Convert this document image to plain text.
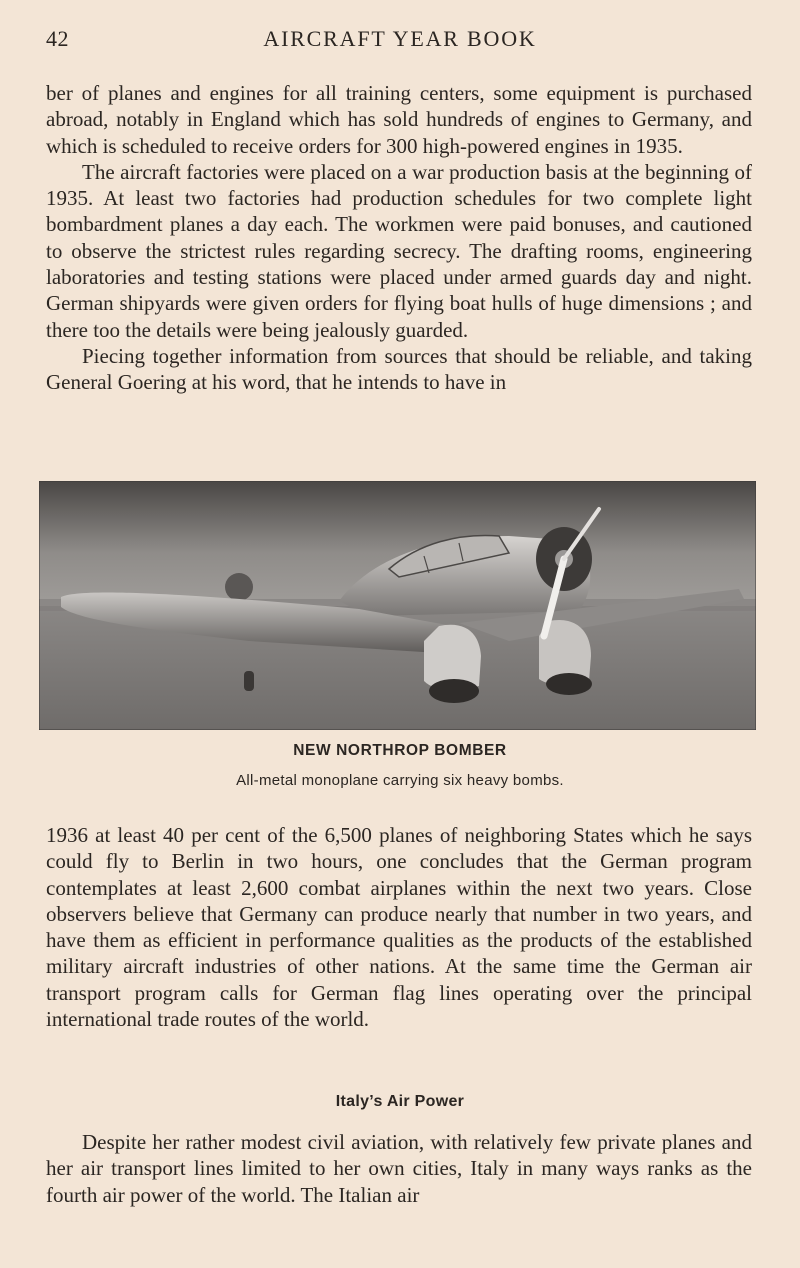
42	AIRCRAFT YEAR BOOK

ber of planes and engines for all training centers, some equipment is purchased abroad, notably in England which has sold hundreds of engines to Germany, and which is scheduled to receive orders for 300 high-powered engines in 1935.

The aircraft factories were placed on a war production basis at the beginning of 1935. At least two factories had production schedules for two complete light bombardment planes a day each. The workmen were paid bonuses, and cautioned to observe the strictest rules regarding secrecy. The drafting rooms, engineering laboratories and testing stations were placed under armed guards day and night. German shipyards were given orders for flying boat hulls of huge dimensions ; and there too the details were being jealously guarded.

Piecing together information from sources that should be reliable, and taking General Goering at his word, that he intends to have in

NEW NORTHROP BOMBER
All-metal monoplane carrying six heavy bombs.

1936 at least 40 per cent of the 6,500 planes of neighboring States which he says could fly to Berlin in two hours, one concludes that the German program contemplates at least 2,600 combat airplanes within the next two years. Close observers believe that Germany can produce nearly that number in two years, and have them as efficient in performance qualities as the products of the established military aircraft industries of other nations. At the same time the German air transport program calls for German flag lines operating over the principal international trade routes of the world.

Italy’s Air Power

Despite her rather modest civil aviation, with relatively few private planes and her air transport lines limited to her own cities, Italy in many ways ranks as the fourth air power of the world. The Italian air
